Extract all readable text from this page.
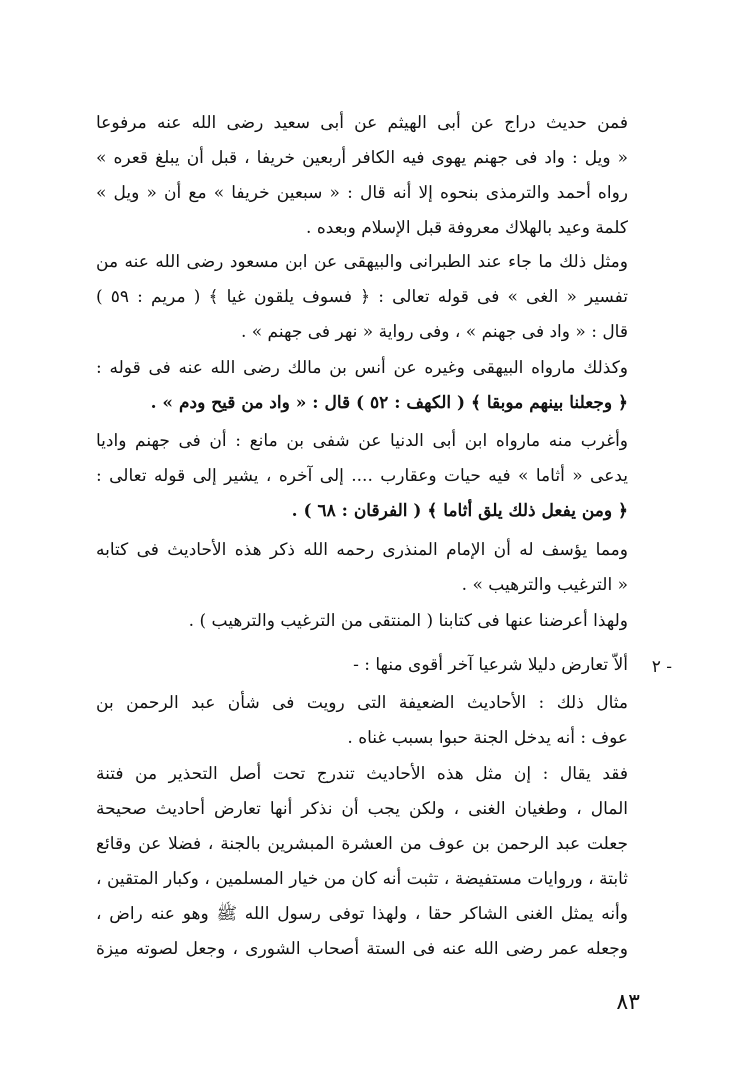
فمن حديث دراج عن أبى الهيثم عن أبى سعيد رضى الله عنه مرفوعا
« ويل : واد فى جهنم يهوى فيه الكافر أربعين خريفا ، قبل أن يبلغ قعره »
رواه أحمد والترمذى بنحوه إلا أنه قال : « سبعين خريفا » مع أن « ويل »
كلمة وعيد بالهلاك معروفة قبل الإسلام وبعده .
ومثل ذلك ما جاء عند الطبرانى والبيهقى عن ابن مسعود رضى الله عنه من
تفسير « الغى » فى قوله تعالى : ﴿ فسوف يلقون غيا ﴾ ( مريم : ٥٩ )
قال : « واد فى جهنم » ، وفى رواية « نهر فى جهنم » .
وكذلك مارواه البيهقى وغيره عن أنس بن مالك رضى الله عنه فى قوله :
﴿ وجعلنا بينهم موبقا ﴾ ( الكهف : ٥٢ ) قال : « واد من قيح ودم » .
وأغرب منه مارواه ابن أبى الدنيا عن شفى بن مانع : أن فى جهنم واديا
يدعى « أثاما » فيه حيات وعقارب .... إلى آخره ، يشير إلى قوله تعالى :
﴿ ومن يفعل ذلك يلق أثاما ﴾ ( الفرقان : ٦٨ ) .
ومما يؤسف له أن الإمام المنذرى رحمه الله ذكر هذه الأحاديث فى كتابه
« الترغيب والترهيب » .
ولهذا أعرضنا عنها فى كتابنا ( المنتقى من الترغيب والترهيب ) .
٢ -
ألاّ تعارض دليلا شرعيا آخر أقوى منها : -
مثال ذلك : الأحاديث الضعيفة التى رويت فى شأن عبد الرحمن بن
عوف : أنه يدخل الجنة حبوا بسبب غناه .
فقد يقال : إن مثل هذه الأحاديث تندرج تحت أصل التحذير من فتنة
المال ، وطغيان الغنى ، ولكن يجب أن نذكر أنها تعارض أحاديث صحيحة
جعلت عبد الرحمن بن عوف من العشرة المبشرين بالجنة ، فضلا عن وقائع
ثابتة ، وروايات مستفيضة ، تثبت أنه كان من خيار المسلمين ، وكبار المتقين ،
وأنه يمثل الغنى الشاكر حقا ، ولهذا توفى رسول الله ﷺ وهو عنه راض ،
وجعله عمر رضى الله عنه فى الستة أصحاب الشورى ، وجعل لصوته ميزة
٨٣
